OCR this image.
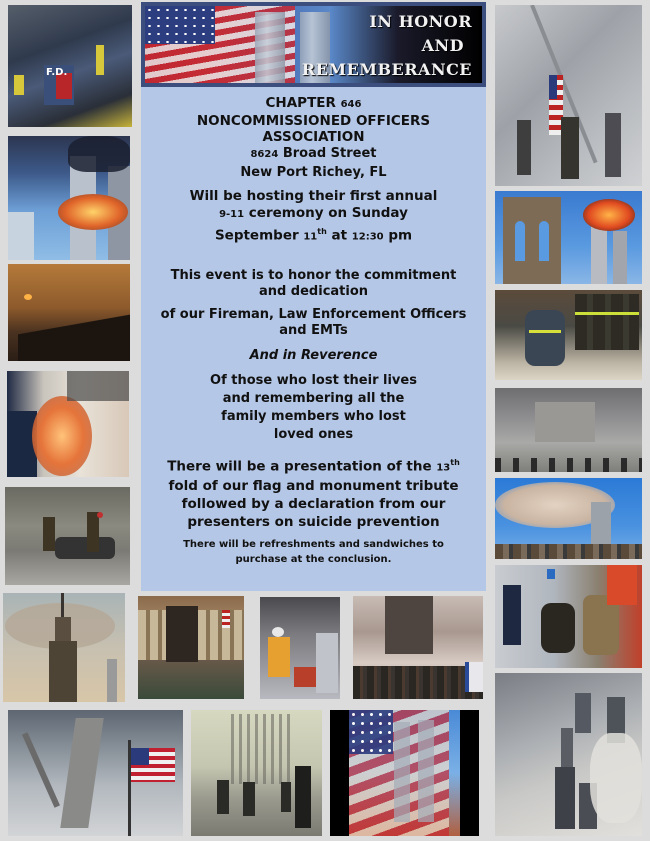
F.D.
IN HONOR
AND
REMEMBERANCE

CHAPTER 646

NONCOMMISSIONED OFFICERS

ASSOCIATION

8624 Broad Street

New Port Richey, FL

Will be hosting their first annual

9-11 ceremony on Sunday

September 11th at 12:30 pm

This event is to honor the commitment

and dedication

of our Fireman, Law Enforcement Officers

and EMTs

And in Reverence

Of those who lost their lives

and remembering all the

family members who lost

loved ones

There will be a presentation of the 13th

fold of our flag and monument tribute

followed by a declaration from our

presenters on suicide prevention

There will be refreshments and sandwiches to

purchase at the conclusion.
